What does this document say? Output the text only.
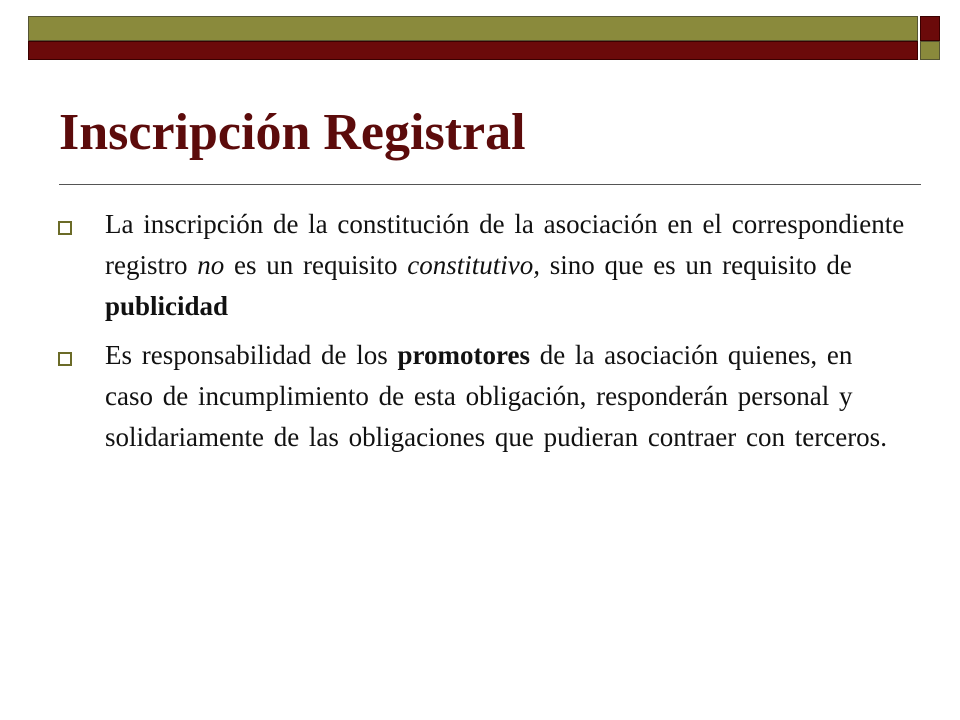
Inscripción Registral
La inscripción de la constitución de la asociación en el correspondiente registro no es un requisito constitutivo, sino que es un requisito de publicidad
Es responsabilidad de los promotores de la asociación quienes, en caso de incumplimiento de esta obligación, responderán personal y solidariamente de las obligaciones que pudieran contraer con terceros.
